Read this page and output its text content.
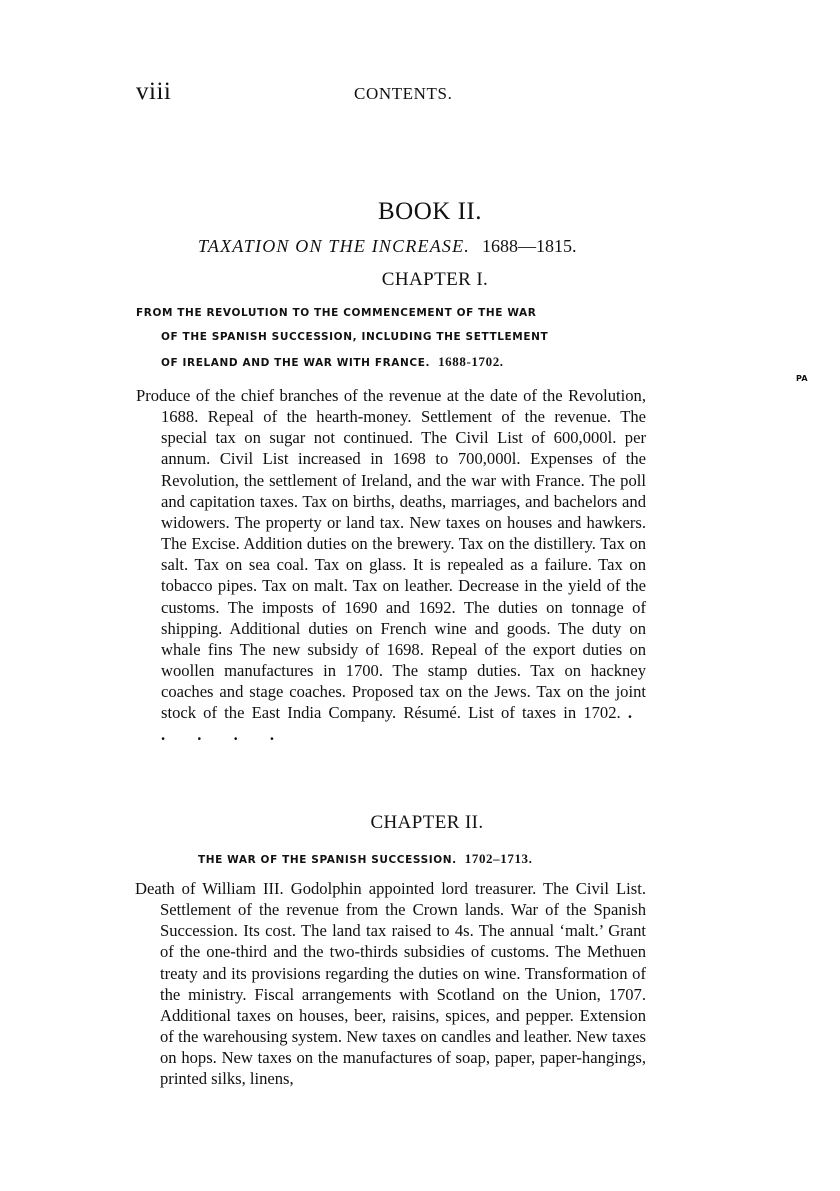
viii	CONTENTS.
BOOK II.
TAXATION ON THE INCREASE. 1688—1815.
CHAPTER I.
FROM THE REVOLUTION TO THE COMMENCEMENT OF THE WAR
OF THE SPANISH SUCCESSION, INCLUDING THE SETTLEMENT
OF IRELAND AND THE WAR WITH FRANCE. 1688-1702.
PA
Produce of the chief branches of the revenue at the date of the Revolution, 1688. Repeal of the hearth-money. Settlement of the revenue. The special tax on sugar not continued. The Civil List of 600,000l. per annum. Civil List increased in 1698 to 700,000l. Expenses of the Revolution, the settlement of Ireland, and the war with France. The poll and capitation taxes. Tax on births, deaths, marriages, and bachelors and widowers. The property or land tax. New taxes on houses and hawkers. The Excise. Addition duties on the brewery. Tax on the distillery. Tax on salt. Tax on sea coal. Tax on glass. It is repealed as a failure. Tax on tobacco pipes. Tax on malt. Tax on leather. Decrease in the yield of the customs. The imposts of 1690 and 1692. The duties on tonnage of shipping. Additional duties on French wine and goods. The duty on whale fins The new subsidy of 1698. Repeal of the export duties on woollen manufactures in 1700. The stamp duties. Tax on hackney coaches and stage coaches. Proposed tax on the Jews. Tax on the joint stock of the East India Company. Résumé. List of taxes in 1702. . . . . .
CHAPTER II.
THE WAR OF THE SPANISH SUCCESSION. 1702–1713.
Death of William III. Godolphin appointed lord treasurer. The Civil List. Settlement of the revenue from the Crown lands. War of the Spanish Succession. Its cost. The land tax raised to 4s. The annual ‘malt.’ Grant of the one-third and the two-thirds subsidies of customs. The Methuen treaty and its provisions regarding the duties on wine. Transformation of the ministry. Fiscal arrangements with Scotland on the Union, 1707. Additional taxes on houses, beer, raisins, spices, and pepper. Extension of the warehousing system. New taxes on candles and leather. New taxes on hops. New taxes on the manufactures of soap, paper, paper-hangings, printed silks, linens,
